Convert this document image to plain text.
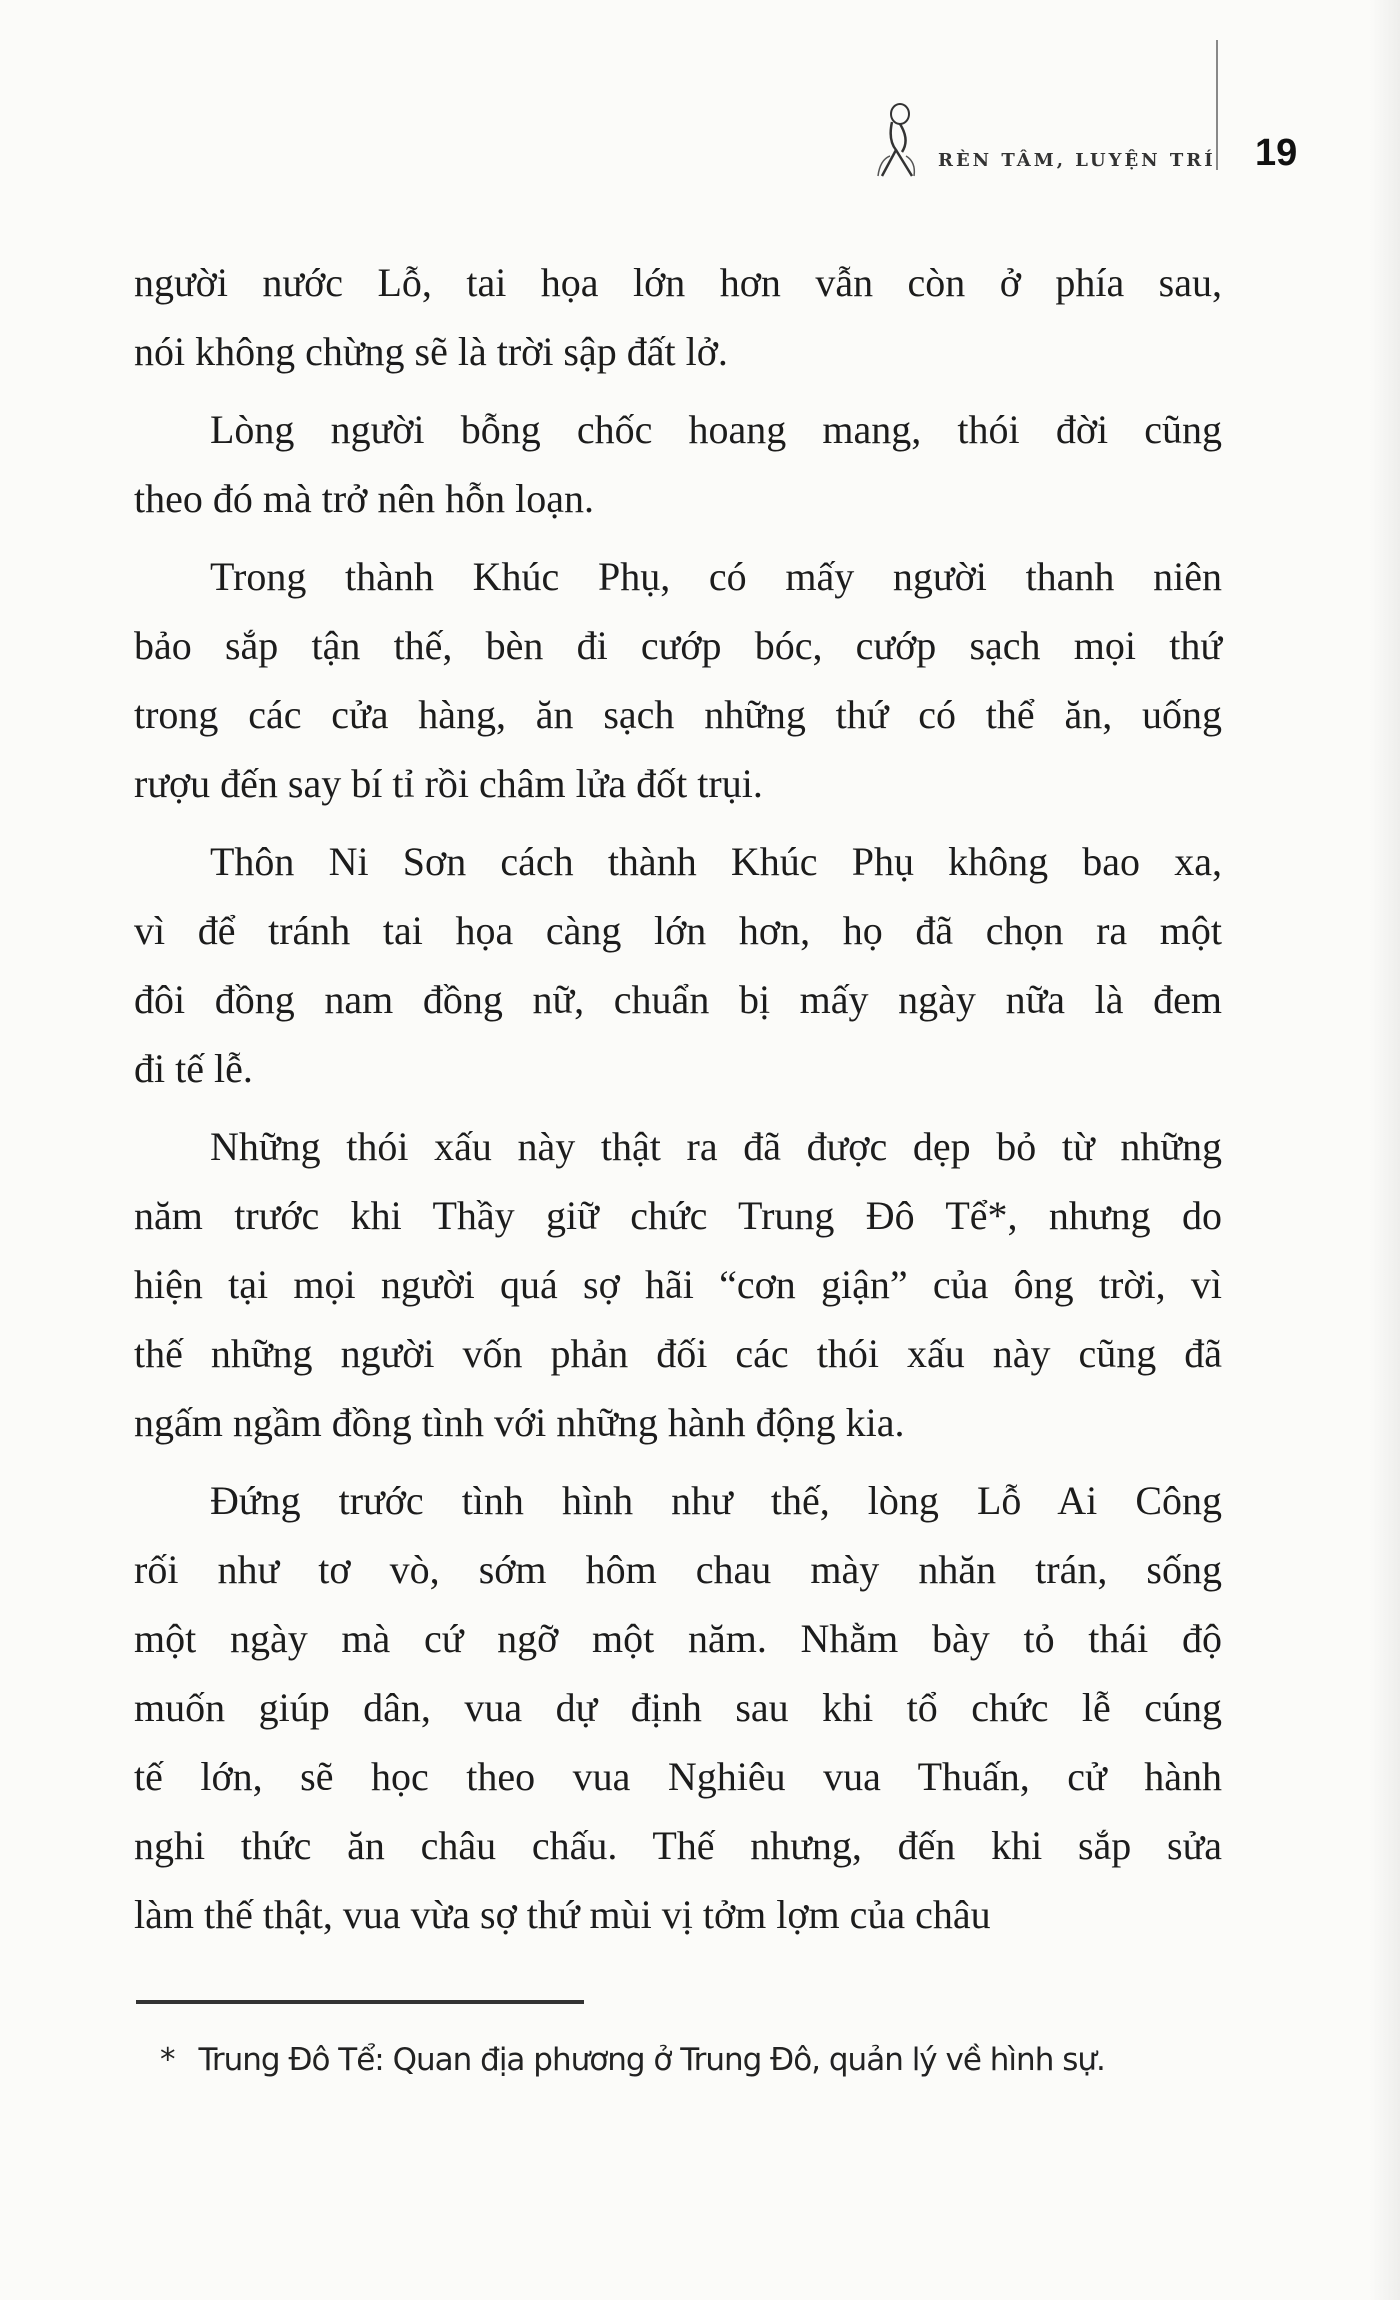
RÈN TÂM, LUYỆN TRÍ 19
người nước Lỗ, tai họa lớn hơn vẫn còn ở phía sau,
nói không chừng sẽ là trời sập đất lở.
Lòng người bỗng chốc hoang mang, thói đời cũng
theo đó mà trở nên hỗn loạn.
Trong thành Khúc Phụ, có mấy người thanh niên
bảo sắp tận thế, bèn đi cướp bóc, cướp sạch mọi thứ
trong các cửa hàng, ăn sạch những thứ có thể ăn, uống
rượu đến say bí tỉ rồi châm lửa đốt trụi.
Thôn Ni Sơn cách thành Khúc Phụ không bao xa,
vì để tránh tai họa càng lớn hơn, họ đã chọn ra một
đôi đồng nam đồng nữ, chuẩn bị mấy ngày nữa là đem
đi tế lễ.
Những thói xấu này thật ra đã được dẹp bỏ từ những
năm trước khi Thầy giữ chức Trung Đô Tể*, nhưng do
hiện tại mọi người quá sợ hãi “cơn giận” của ông trời, vì
thế những người vốn phản đối các thói xấu này cũng đã
ngấm ngầm đồng tình với những hành động kia.
Đứng trước tình hình như thế, lòng Lỗ Ai Công
rối như tơ vò, sớm hôm chau mày nhăn trán, sống
một ngày mà cứ ngỡ một năm. Nhằm bày tỏ thái độ
muốn giúp dân, vua dự định sau khi tổ chức lễ cúng
tế lớn, sẽ học theo vua Nghiêu vua Thuấn, cử hành
nghi thức ăn châu chấu. Thế nhưng, đến khi sắp sửa
làm thế thật, vua vừa sợ thứ mùi vị tởm lợm của châu
* Trung Đô Tể: Quan địa phương ở Trung Đô, quản lý về hình sự.
